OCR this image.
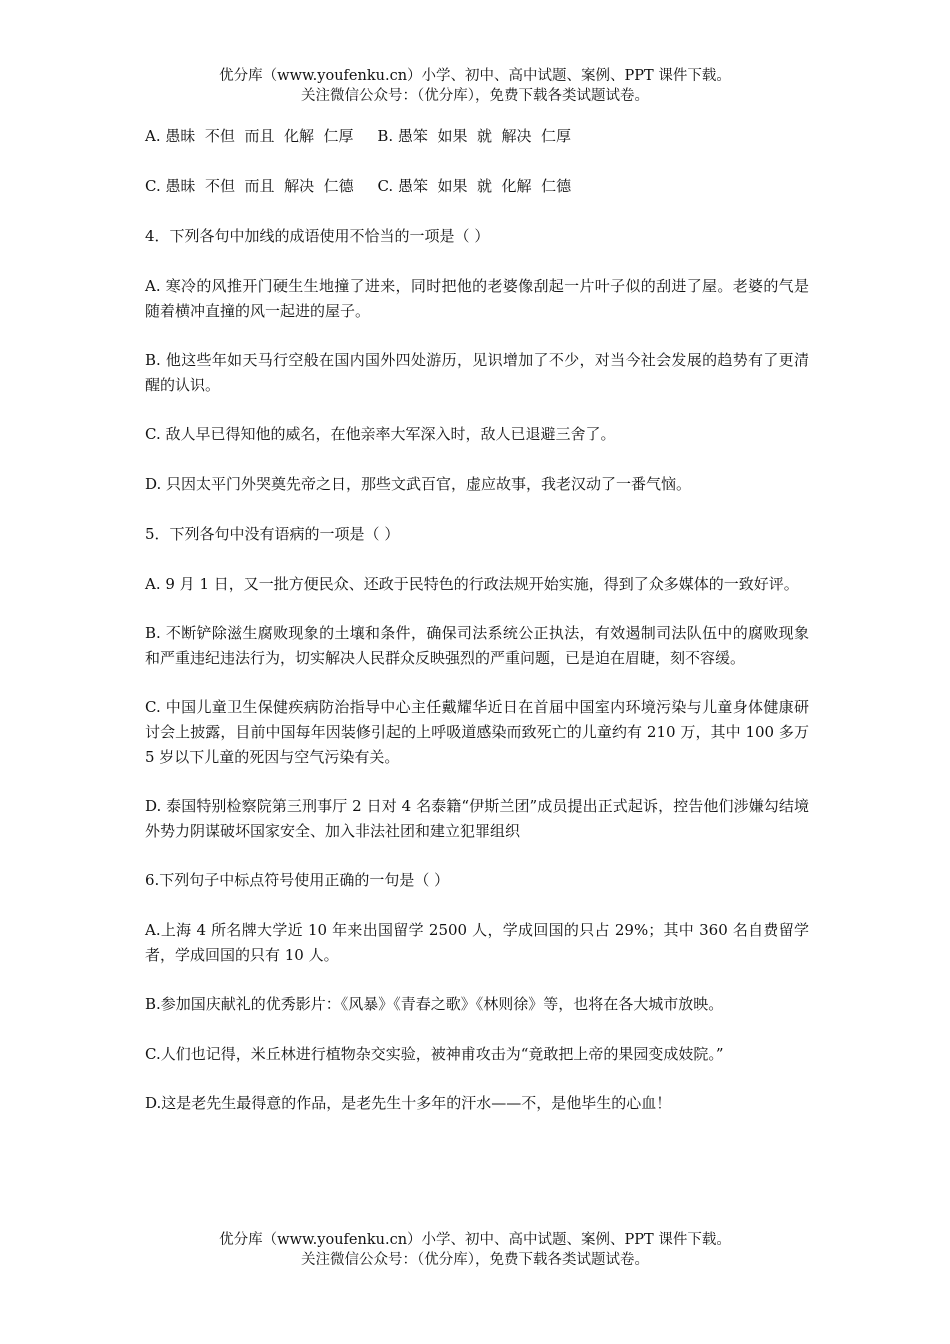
优分库（www.youfenku.cn）小学、初中、高中试题、案例、PPT 课件下载。
关注微信公众号：（优分库），免费下载各类试题试卷。

A. 愚昧  不但  而且  化解  仁厚     B. 愚笨  如果  就  解决  仁厚

C. 愚昧  不但  而且  解决  仁德     C. 愚笨  如果  就  化解  仁德

4．下列各句中加线的成语使用不恰当的一项是（ ）

A. 寒冷的风推开门硬生生地撞了进来，同时把他的老婆像刮起一片叶子似的刮进了屋。老婆的气是随着横冲直撞的风一起进的屋子。

B. 他这些年如天马行空般在国内国外四处游历，见识增加了不少，对当今社会发展的趋势有了更清醒的认识。

C. 敌人早已得知他的威名，在他亲率大军深入时，敌人已退避三舍了。

D. 只因太平门外哭奠先帝之日，那些文武百官，虚应故事，我老汉动了一番气恼。

5．下列各句中没有语病的一项是（ ）

A. 9 月 1 日，又一批方便民众、还政于民特色的行政法规开始实施，得到了众多媒体的一致好评。

B. 不断铲除滋生腐败现象的土壤和条件，确保司法系统公正执法，有效遏制司法队伍中的腐败现象和严重违纪违法行为，切实解决人民群众反映强烈的严重问题，已是迫在眉睫，刻不容缓。

C. 中国儿童卫生保健疾病防治指导中心主任戴耀华近日在首届中国室内环境污染与儿童身体健康研讨会上披露，目前中国每年因装修引起的上呼吸道感染而致死亡的儿童约有 210 万，其中 100 多万 5 岁以下儿童的死因与空气污染有关。

D. 泰国特别检察院第三刑事厅 2 日对 4 名泰籍“伊斯兰团”成员提出正式起诉，控告他们涉嫌勾结境外势力阴谋破坏国家安全、加入非法社团和建立犯罪组织

6.下列句子中标点符号使用正确的一句是（ ）

A.上海 4 所名牌大学近 10 年来出国留学 2500 人，学成回国的只占 29%；其中 360 名自费留学者，学成回国的只有 10 人。

B.参加国庆献礼的优秀影片：《风暴》《青春之歌》《林则徐》等，也将在各大城市放映。

C.人们也记得，米丘林进行植物杂交实验，被神甫攻击为“竟敢把上帝的果园变成妓院。”

D.这是老先生最得意的作品，是老先生十多年的汗水——不，是他毕生的心血！

优分库（www.youfenku.cn）小学、初中、高中试题、案例、PPT 课件下载。
关注微信公众号：（优分库），免费下载各类试题试卷。
